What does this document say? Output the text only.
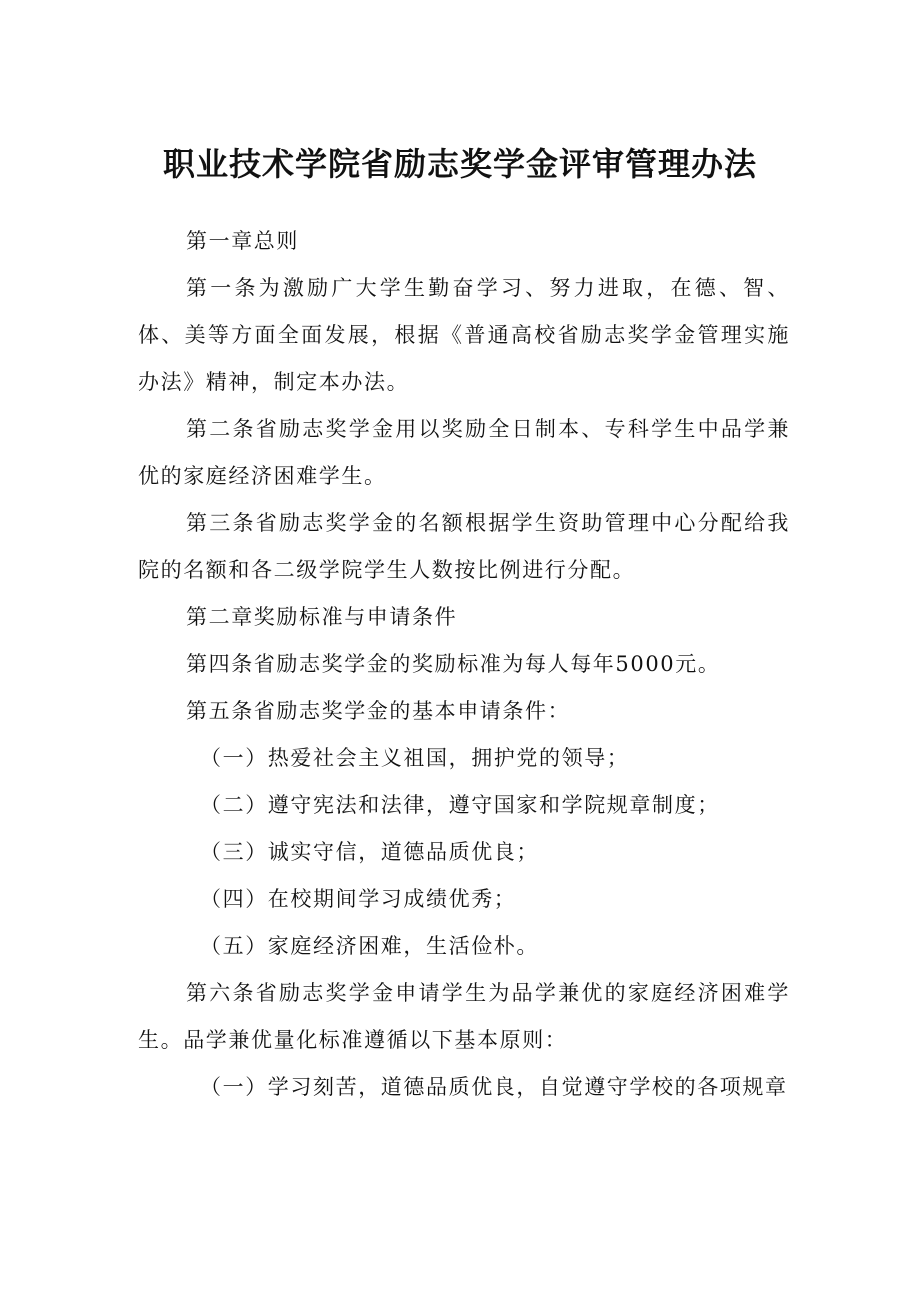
职业技术学院省励志奖学金评审管理办法

第一章总则

第一条为激励广大学生勤奋学习、努力进取，在德、智、体、美等方面全面发展，根据《普通高校省励志奖学金管理实施办法》精神，制定本办法。

第二条省励志奖学金用以奖励全日制本、专科学生中品学兼优的家庭经济困难学生。

第三条省励志奖学金的名额根据学生资助管理中心分配给我院的名额和各二级学院学生人数按比例进行分配。

第二章奖励标准与申请条件

第四条省励志奖学金的奖励标准为每人每年5000元。

第五条省励志奖学金的基本申请条件：

（一）热爱社会主义祖国，拥护党的领导；

（二）遵守宪法和法律，遵守国家和学院规章制度；

（三）诚实守信，道德品质优良；

（四）在校期间学习成绩优秀；

（五）家庭经济困难，生活俭朴。

第六条省励志奖学金申请学生为品学兼优的家庭经济困难学生。品学兼优量化标准遵循以下基本原则：

（一）学习刻苦，道德品质优良，自觉遵守学校的各项规章
